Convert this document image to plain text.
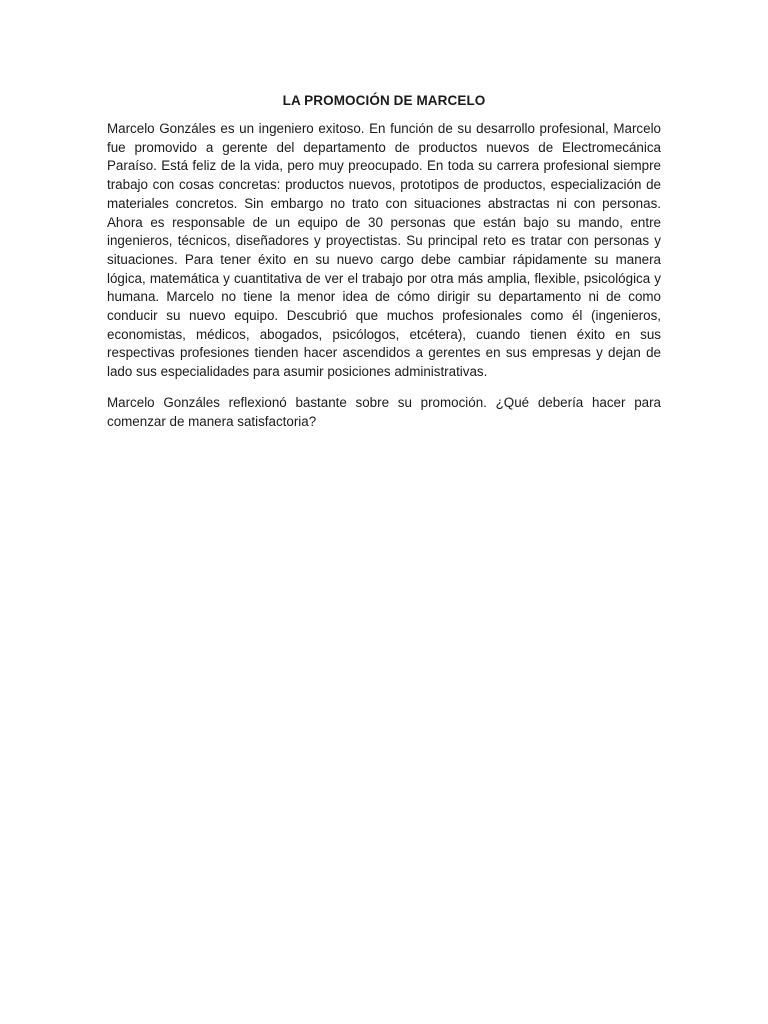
LA PROMOCIÓN DE MARCELO

Marcelo Gonzáles es un ingeniero exitoso. En función de su desarrollo profesional, Marcelo fue promovido a gerente del departamento de productos nuevos de Electromecánica Paraíso. Está feliz de la vida, pero muy preocupado. En toda su carrera profesional siempre trabajo con cosas concretas: productos nuevos, prototipos de productos, especialización de materiales concretos. Sin embargo no trato con situaciones abstractas ni con personas. Ahora es responsable de un equipo de 30 personas que están bajo su mando, entre ingenieros, técnicos, diseñadores y proyectistas. Su principal reto es tratar con personas y situaciones. Para tener éxito en su nuevo cargo debe cambiar rápidamente su manera lógica, matemática y cuantitativa de ver el trabajo por otra más amplia, flexible, psicológica y humana. Marcelo no tiene la menor idea de cómo dirigir su departamento ni de como conducir su nuevo equipo. Descubrió que muchos profesionales como él (ingenieros, economistas, médicos, abogados, psicólogos, etcétera), cuando tienen éxito en sus respectivas profesiones tienden hacer ascendidos a gerentes en sus empresas y dejan de lado sus especialidades para asumir posiciones administrativas.

Marcelo Gonzáles reflexionó bastante sobre su promoción. ¿Qué debería hacer para comenzar de manera satisfactoria?
